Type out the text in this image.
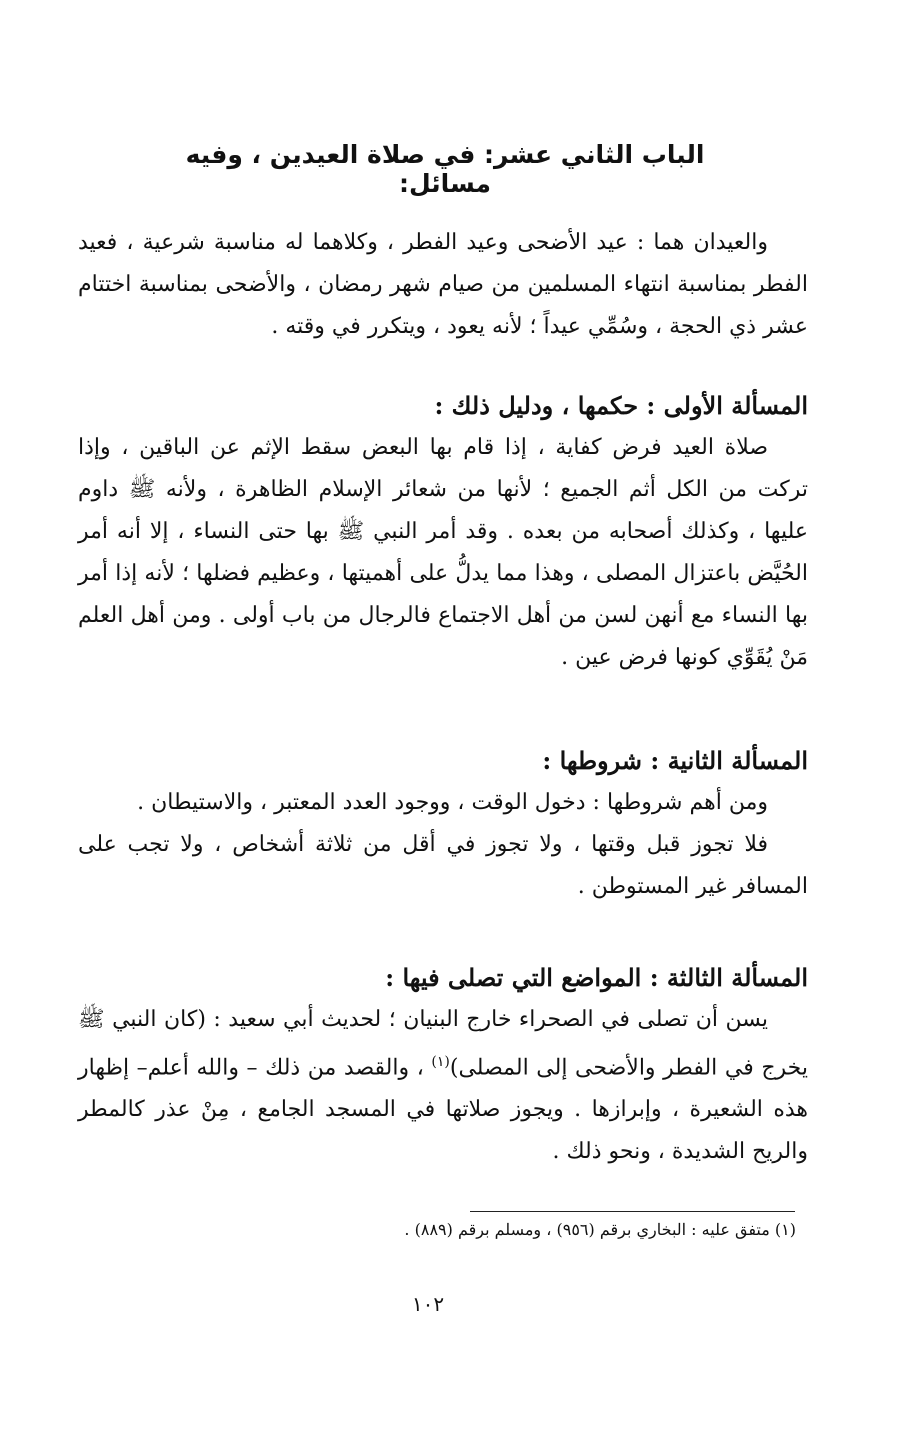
الباب الثاني عشر: في صلاة العيدين ، وفيه مسائل:

والعيدان هما : عيد الأضحى وعيد الفطر ، وكلاهما له مناسبة شرعية ، فعيد الفطر بمناسبة انتهاء المسلمين من صيام شهر رمضان ، والأضحى بمناسبة اختتام عشر ذي الحجة ، وسُمِّي عيداً ؛ لأنه يعود ، ويتكرر في وقته .

المسألة الأولى : حكمها ، ودليل ذلك :

صلاة العيد فرض كفاية ، إذا قام بها البعض سقط الإثم عن الباقين ، وإذا تركت من الكل أثم الجميع ؛ لأنها من شعائر الإسلام الظاهرة ، ولأنه ﷺ داوم عليها ، وكذلك أصحابه من بعده . وقد أمر النبي ﷺ بها حتى النساء ، إلا أنه أمر الحُيَّض باعتزال المصلى ، وهذا مما يدلُّ على أهميتها ، وعظيم فضلها ؛ لأنه إذا أمر بها النساء مع أنهن لسن من أهل الاجتماع فالرجال من باب أولى . ومن أهل العلم مَنْ يُقَوِّي كونها فرض عين .

المسألة الثانية : شروطها :

ومن أهم شروطها : دخول الوقت ، ووجود العدد المعتبر ، والاستيطان .

فلا تجوز قبل وقتها ، ولا تجوز في أقل من ثلاثة أشخاص ، ولا تجب على المسافر غير المستوطن .

المسألة الثالثة : المواضع التي تصلى فيها :

يسن أن تصلى في الصحراء خارج البنيان ؛ لحديث أبي سعيد : (كان النبي ﷺ يخرج في الفطر والأضحى إلى المصلى)$^{(١)}$ ، والقصد من ذلك – والله أعلم– إظهار هذه الشعيرة ، وإبرازها . ويجوز صلاتها في المسجد الجامع ، مِنْ عذر كالمطر والريح الشديدة ، ونحو ذلك .

(١) متفق عليه : البخاري برقم (٩٥٦) ، ومسلم برقم (٨٨٩) .
١٠٢
